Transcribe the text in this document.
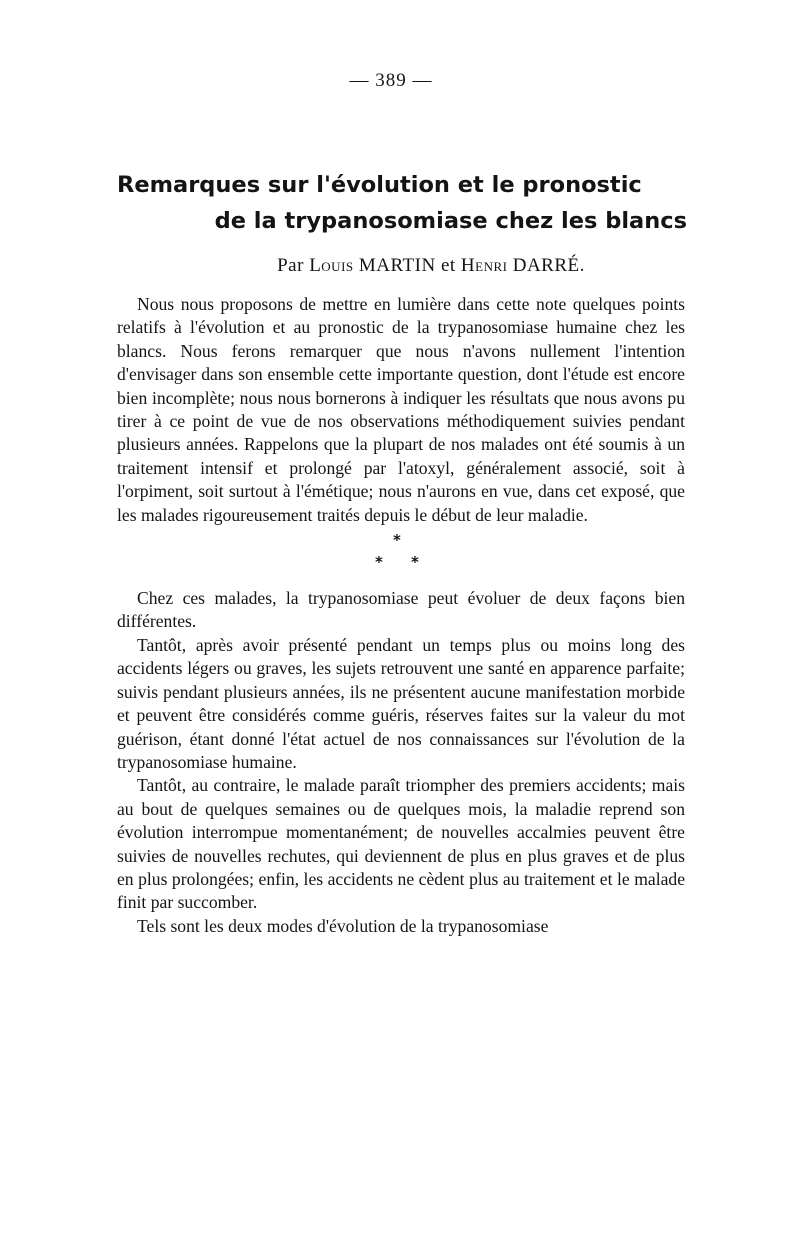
— 389 —
Remarques sur l'évolution et le pronostic
de la trypanosomiase chez les blancs
Par Louis MARTIN et Henri DARRÉ.

Nous nous proposons de mettre en lumière dans cette note quelques points relatifs à l'évolution et au pronostic de la trypanosomiase humaine chez les blancs. Nous ferons remarquer que nous n'avons nullement l'intention d'envisager dans son ensemble cette importante question, dont l'étude est encore bien incomplète; nous nous bornerons à indiquer les résultats que nous avons pu tirer à ce point de vue de nos observations méthodiquement suivies pendant plusieurs années. Rappelons que la plupart de nos malades ont été soumis à un traitement intensif et prolongé par l'atoxyl, généralement associé, soit à l'orpiment, soit surtout à l'émétique; nous n'aurons en vue, dans cet exposé, que les malades rigoureusement traités depuis le début de leur maladie.

*
* *

Chez ces malades, la trypanosomiase peut évoluer de deux façons bien différentes.

Tantôt, après avoir présenté pendant un temps plus ou moins long des accidents légers ou graves, les sujets retrouvent une santé en apparence parfaite; suivis pendant plusieurs années, ils ne présentent aucune manifestation morbide et peuvent être considérés comme guéris, réserves faites sur la valeur du mot guérison, étant donné l'état actuel de nos connaissances sur l'évolution de la trypanosomiase humaine.

Tantôt, au contraire, le malade paraît triompher des premiers accidents; mais au bout de quelques semaines ou de quelques mois, la maladie reprend son évolution interrompue momentanément; de nouvelles accalmies peuvent être suivies de nouvelles rechutes, qui deviennent de plus en plus graves et de plus en plus prolongées; enfin, les accidents ne cèdent plus au traitement et le malade finit par succomber.

Tels sont les deux modes d'évolution de la trypanosomiase
